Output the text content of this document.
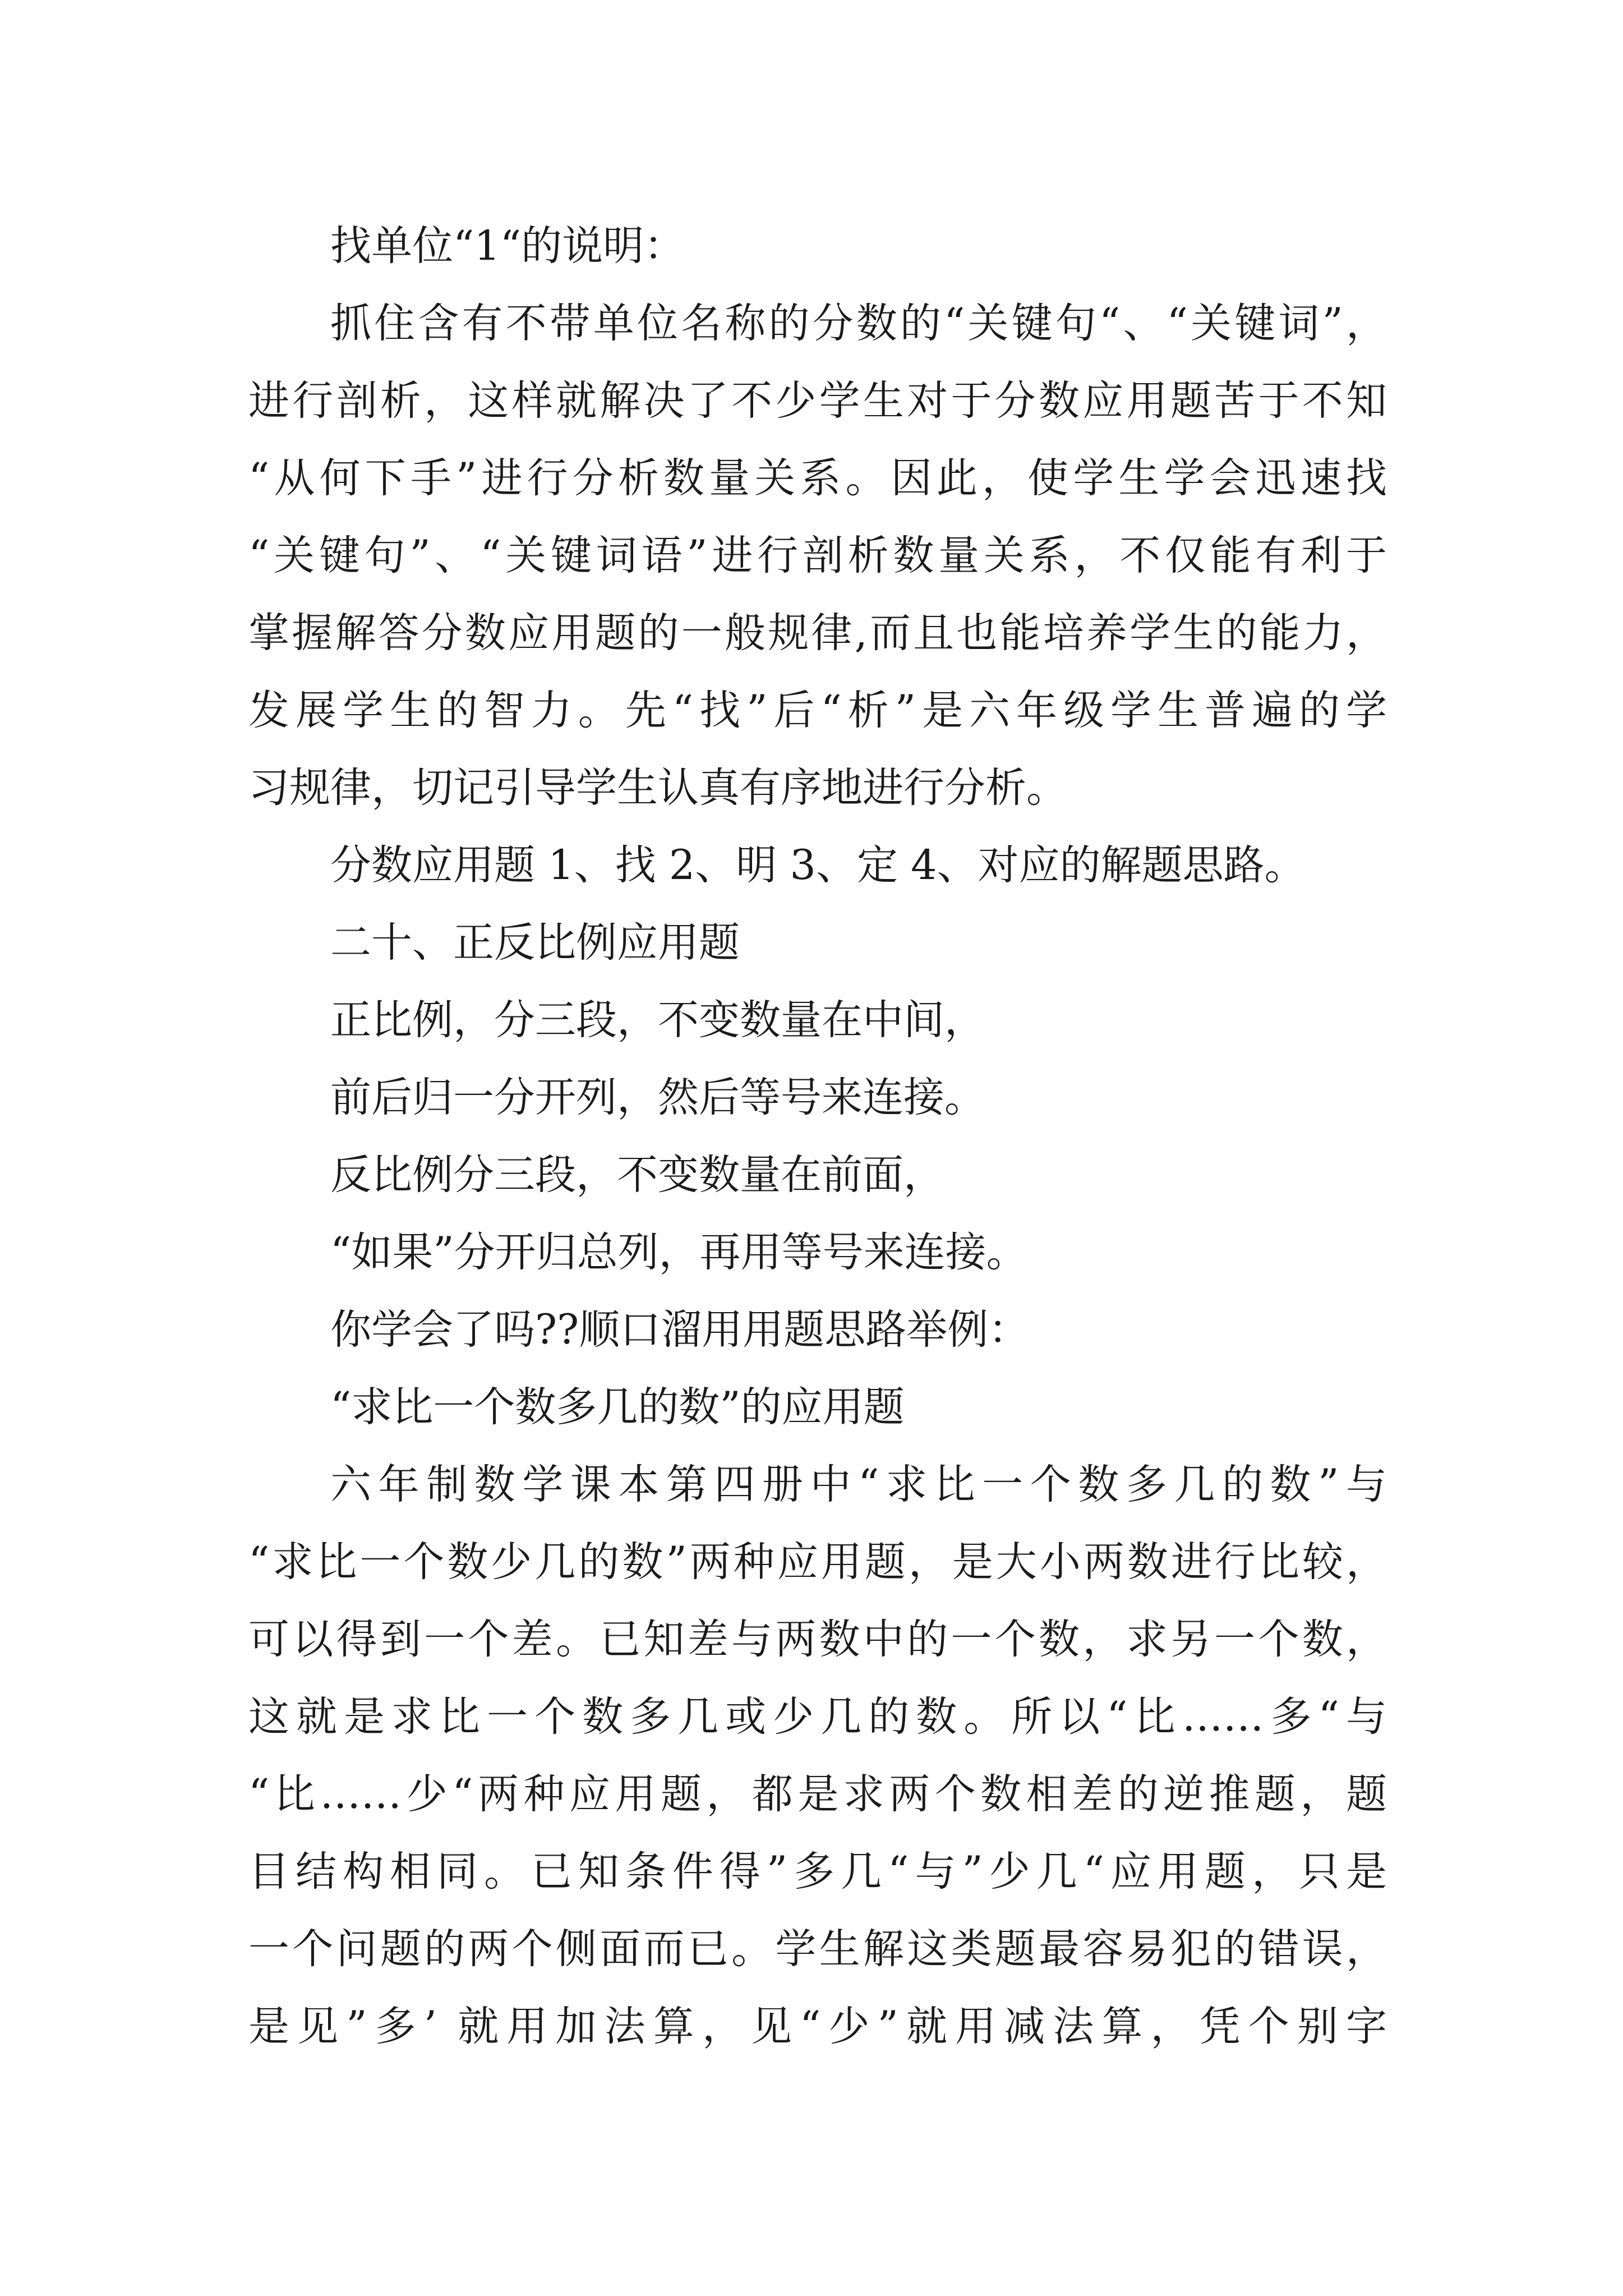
找单位“1“的说明：

抓住含有不带单位名称的分数的“关键句“、“关键词”，
进行剖析，这样就解决了不少学生对于分数应用题苦于不知
“从何下手”进行分析数量关系。因此，使学生学会迅速找
“关键句”、“关键词语”进行剖析数量关系，不仅能有利于
掌握解答分数应用题的一般规律,而且也能培养学生的能力，
发展学生的智力。先“找”后“析”是六年级学生普遍的学
习规律，切记引导学生认真有序地进行分析。

分数应用题 1、找 2、明 3、定 4、对应的解题思路。

二十、正反比例应用题

正比例，分三段，不变数量在中间，

前后归一分开列，然后等号来连接。

反比例分三段，不变数量在前面，

“如果”分开归总列，再用等号来连接。

你学会了吗??顺口溜用用题思路举例：

“求比一个数多几的数”的应用题

六年制数学课本第四册中“求比一个数多几的数”与
“求比一个数少几的数”两种应用题，是大小两数进行比较，
可以得到一个差。已知差与两数中的一个数，求另一个数，
这就是求比一个数多几或少几的数。所以“比……多“与
“比……少“两种应用题，都是求两个数相差的逆推题，题
目结构相同。已知条件得”多几“与”少几“应用题，只是
一个问题的两个侧面而已。学生解这类题最容易犯的错误，
是见”多’ 就用加法算，见“少”就用减法算，凭个别字
